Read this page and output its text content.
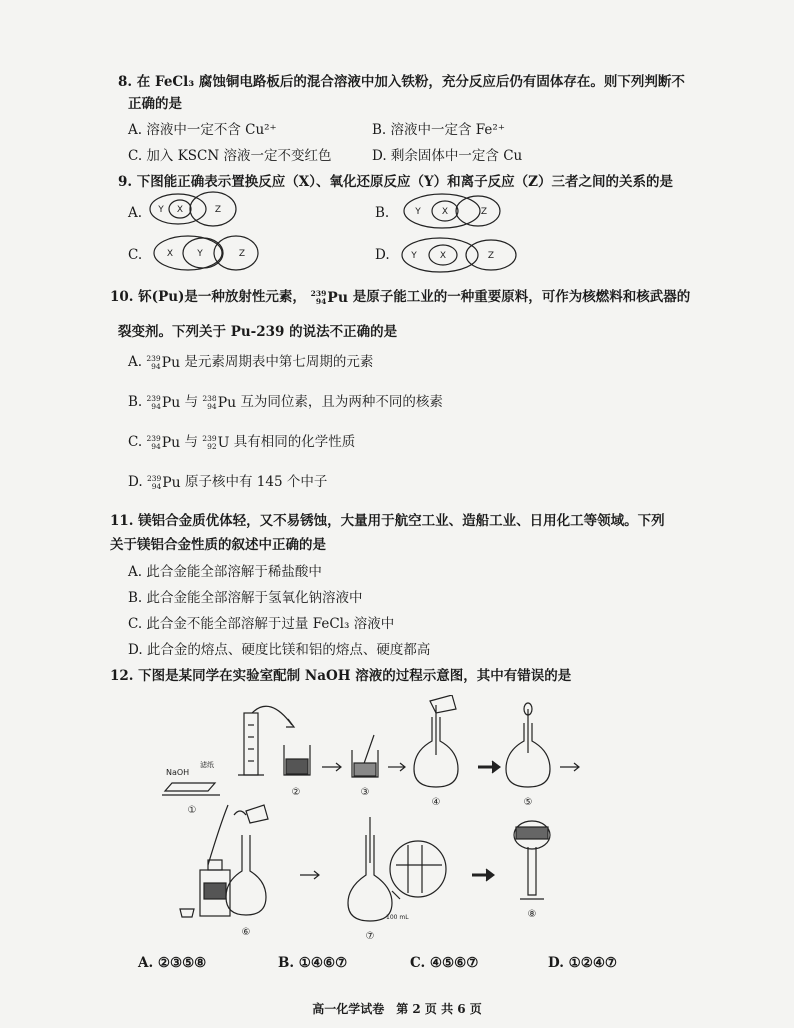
8. 在 FeCl₃ 腐蚀铜电路板后的混合溶液中加入铁粉，充分反应后仍有固体存在。则下列判断不
正确的是
A. 溶液中一定不含 Cu²⁺	B. 溶液中一定含 Fe²⁺
C. 加入 KSCN 溶液一定不变红色	D. 剩余固体中一定含 Cu
9. 下图能正确表示置换反应（X）、氧化还原反应（Y）和离子反应（Z）三者之间的关系的是
A.	B.
C.	D.
Y X	Z	Y X	Z
X	Y	Z	Y	X	Z
10. 钚(Pu)是一种放射性元素， 239
94 Pu 是原子能工业的一种重要原料，可作为核燃料和核武器的
裂变剂。下列关于 Pu-239 的说法不正确的是
A. 239
94 Pu 是元素周期表中第七周期的元素
B. 239
94 Pu 与 238
94 Pu 互为同位素，且为两种不同的核素
C. 239
94 Pu 与 239
92 U 具有相同的化学性质
D. 239
94 Pu 原子核中有 145 个中子
11. 镁铝合金质优体轻，又不易锈蚀，大量用于航空工业、造船工业、日用化工等领域。下列
关于镁铝合金性质的叙述中正确的是
A. 此合金能全部溶解于稀盐酸中
B. 此合金能全部溶解于氢氧化钠溶液中
C. 此合金不能全部溶解于过量 FeCl₃ 溶液中
D. 此合金的熔点、硬度比镁和铝的熔点、硬度都高
12. 下图是某同学在实验室配制 NaOH 溶液的过程示意图，其中有错误的是
NaOH
滤纸
100 mL
①
②	③
④	⑤
⑥	⑦
⑧
A. ②③⑤⑧	B. ①④⑥⑦	C. ④⑤⑥⑦	D. ①②④⑦
高一化学试卷 第 2 页 共 6 页
